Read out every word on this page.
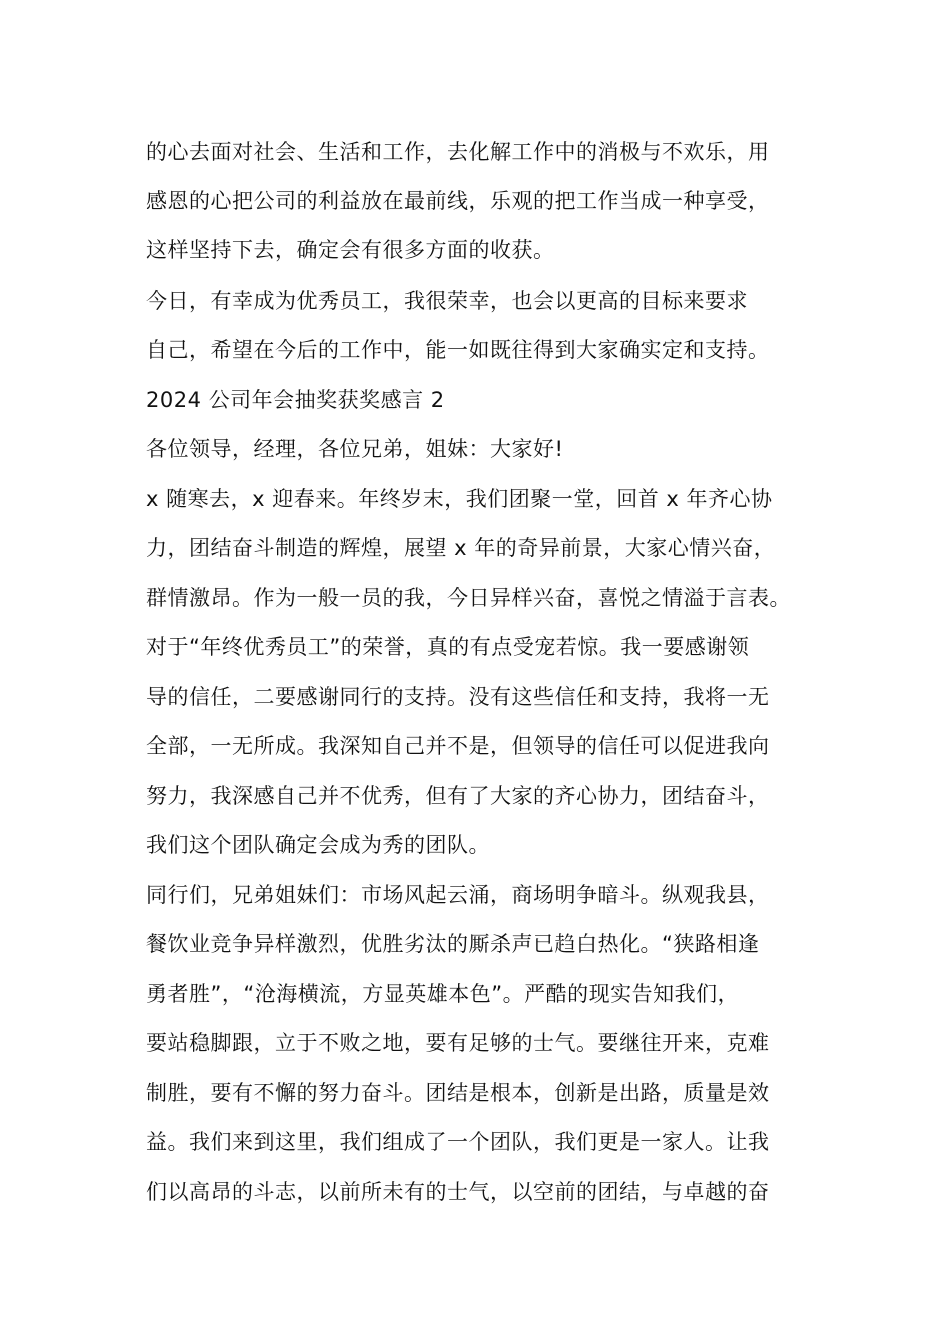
的心去面对社会、生活和工作，去化解工作中的消极与不欢乐，用
感恩的心把公司的利益放在最前线，乐观的把工作当成一种享受，
这样坚持下去，确定会有很多方面的收获。
今日，有幸成为优秀员工，我很荣幸，也会以更高的目标来要求
自己，希望在今后的工作中，能一如既往得到大家确实定和支持。
2024 公司年会抽奖获奖感言 2
各位领导，经理，各位兄弟，姐妹：大家好!
x 随寒去，x 迎春来。年终岁末，我们团聚一堂，回首 x 年齐心协
力，团结奋斗制造的辉煌，展望 x 年的奇异前景，大家心情兴奋，
群情激昂。作为一般一员的我，今日异样兴奋，喜悦之情溢于言表。
对于“年终优秀员工”的荣誉，真的有点受宠若惊。我一要感谢领
导的信任，二要感谢同行的支持。没有这些信任和支持，我将一无
全部，一无所成。我深知自己并不是，但领导的信任可以促进我向
努力，我深感自己并不优秀，但有了大家的齐心协力，团结奋斗，
我们这个团队确定会成为秀的团队。
同行们，兄弟姐妹们：市场风起云涌，商场明争暗斗。纵观我县，
餐饮业竞争异样激烈，优胜劣汰的厮杀声已趋白热化。“狭路相逢
勇者胜”，“沧海横流，方显英雄本色”。严酷的现实告知我们，
要站稳脚跟，立于不败之地，要有足够的士气。要继往开来，克难
制胜，要有不懈的努力奋斗。团结是根本，创新是出路，质量是效
益。我们来到这里，我们组成了一个团队，我们更是一家人。让我
们以高昂的斗志，以前所未有的士气，以空前的团结，与卓越的奋
